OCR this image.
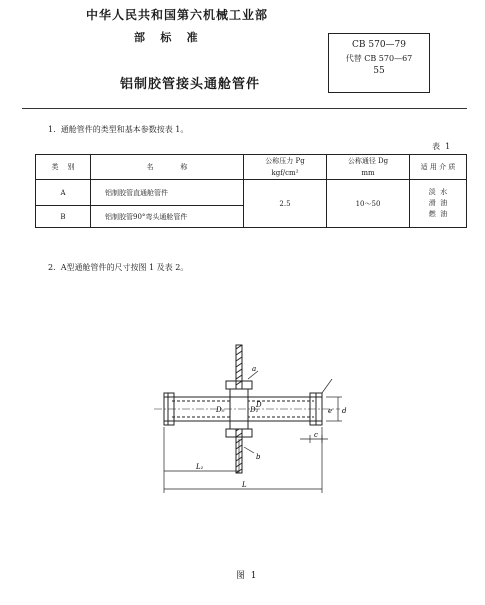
中华人民共和国第六机械工业部
部    标    准
铝制胶管接头通舱管件
CB 570—79
代替 CB 570—67
55
1.  通舱管件的类型和基本参数按表 1。
表  1
类    别	名            称	公称压力 Pg	公称通径 Dg	适 用 介 质
		kgf/cm²	mm	
A	铝制胶管直通舱管件	2.5	10～50	淡  水
滑  油
燃  油

B	铝制胶管90°弯头通舱管件			
2.  A型通舱管件的尺寸按图 1 及表 2。
a
D₀	D₁
D
e d
b
c
L₁
L
图  1
